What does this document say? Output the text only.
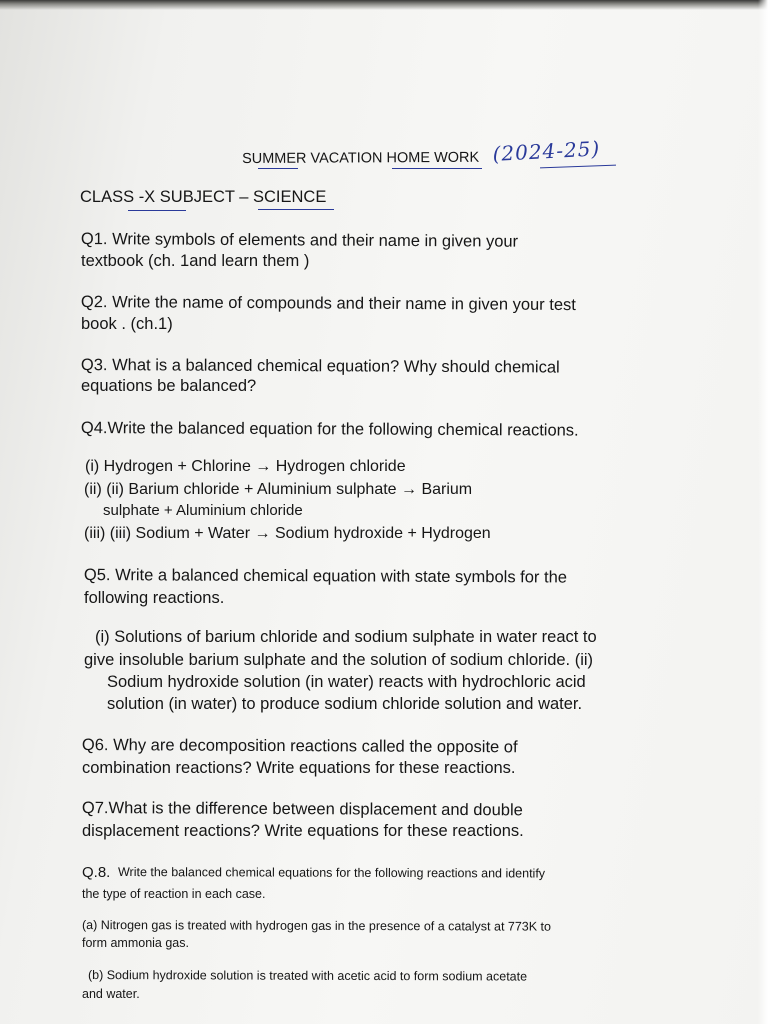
SUMMER VACATION HOME WORK (2024-25)
CLASS -X SUBJECT – SCIENCE
Q1. Write symbols of elements and their name in given your
textbook (ch. 1and learn them )
Q2. Write the name of compounds and their name in given your test
book . (ch.1)
Q3. What is a balanced chemical equation? Why should chemical
equations be balanced?
Q4.Write the balanced equation for the following chemical reactions.
(i) Hydrogen + Chlorine → Hydrogen chloride
(ii) (ii) Barium chloride + Aluminium sulphate → Barium
sulphate + Aluminium chloride
(iii) (iii) Sodium + Water → Sodium hydroxide + Hydrogen
Q5. Write a balanced chemical equation with state symbols for the
following reactions.
(i) Solutions of barium chloride and sodium sulphate in water react to
give insoluble barium sulphate and the solution of sodium chloride. (ii)
Sodium hydroxide solution (in water) reacts with hydrochloric acid
solution (in water) to produce sodium chloride solution and water.
Q6. Why are decomposition reactions called the opposite of
combination reactions? Write equations for these reactions.
Q7.What is the difference between displacement and double
displacement reactions? Write equations for these reactions.
Q.8. Write the balanced chemical equations for the following reactions and identify
the type of reaction in each case.
(a) Nitrogen gas is treated with hydrogen gas in the presence of a catalyst at 773K to
form ammonia gas.
(b) Sodium hydroxide solution is treated with acetic acid to form sodium acetate
and water.
